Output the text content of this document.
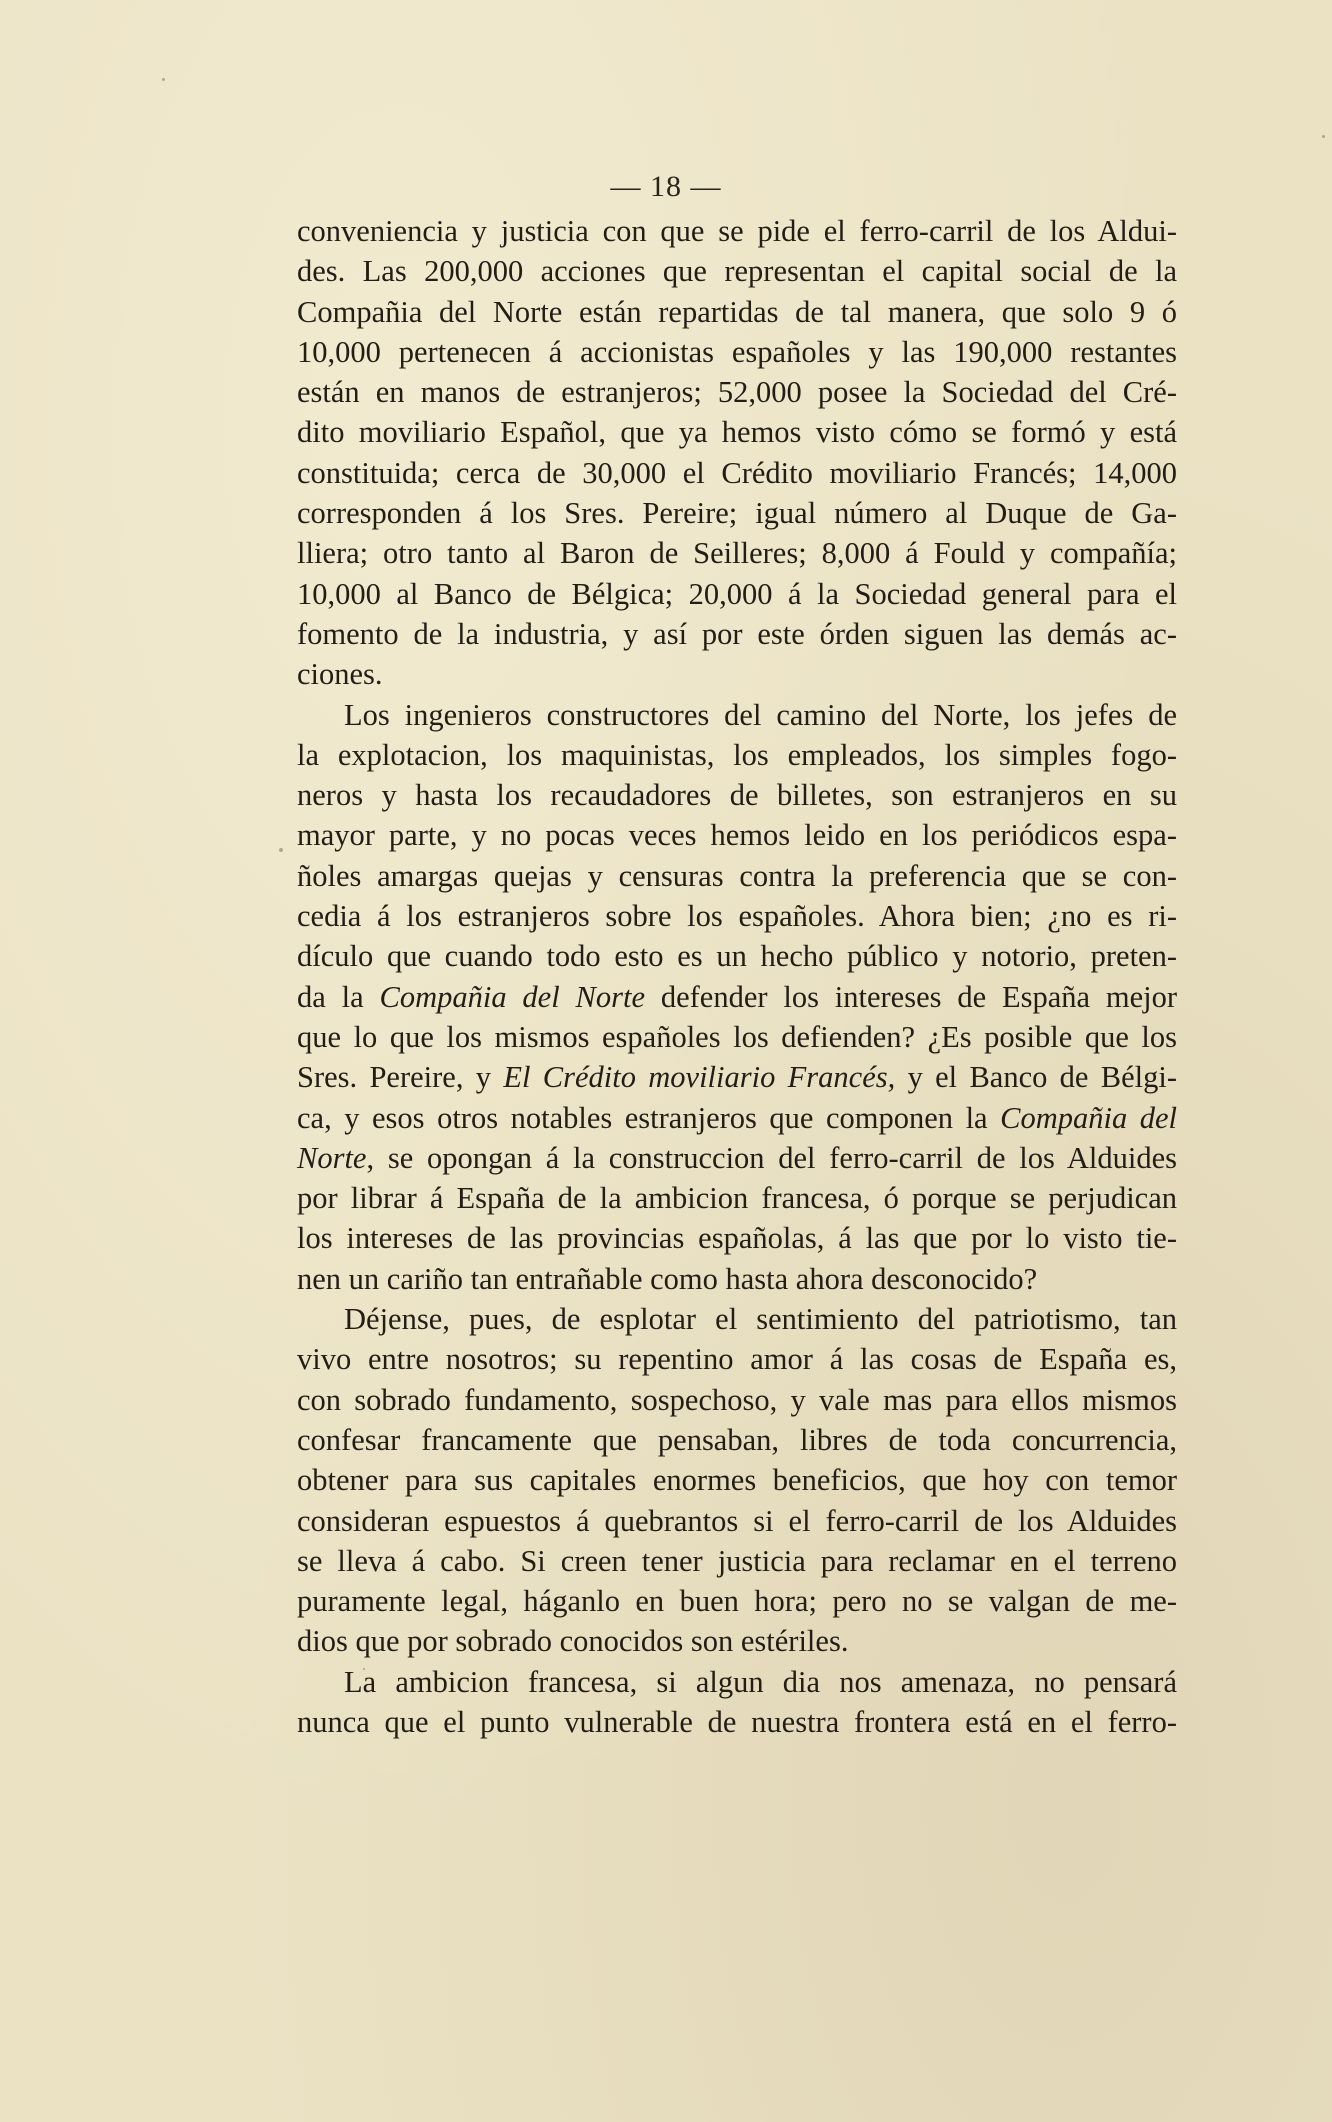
— 18 —
conveniencia y justicia con que se pide el ferro-carril de los Aldui-
des. Las 200,000 acciones que representan el capital social de la
Compañia del Norte están repartidas de tal manera, que solo 9 ó
10,000 pertenecen á accionistas españoles y las 190,000 restantes
están en manos de estranjeros; 52,000 posee la Sociedad del Cré-
dito moviliario Español, que ya hemos visto cómo se formó y está
constituida; cerca de 30,000 el Crédito moviliario Francés; 14,000
corresponden á los Sres. Pereire; igual número al Duque de Ga-
lliera; otro tanto al Baron de Seilleres; 8,000 á Fould y compañía;
10,000 al Banco de Bélgica; 20,000 á la Sociedad general para el
fomento de la industria, y así por este órden siguen las demás ac-
ciones.
Los ingenieros constructores del camino del Norte, los jefes de
la explotacion, los maquinistas, los empleados, los simples fogo-
neros y hasta los recaudadores de billetes, son estranjeros en su
mayor parte, y no pocas veces hemos leido en los periódicos espa-
ñoles amargas quejas y censuras contra la preferencia que se con-
cedia á los estranjeros sobre los españoles. Ahora bien; ¿no es ri-
dículo que cuando todo esto es un hecho público y notorio, preten-
da la Compañia del Norte defender los intereses de España mejor
que lo que los mismos españoles los defienden? ¿Es posible que los
Sres. Pereire, y El Crédito moviliario Francés, y el Banco de Bélgi-
ca, y esos otros notables estranjeros que componen la Compañia del
Norte, se opongan á la construccion del ferro-carril de los Alduides
por librar á España de la ambicion francesa, ó porque se perjudican
los intereses de las provincias españolas, á las que por lo visto tie-
nen un cariño tan entrañable como hasta ahora desconocido?
Déjense, pues, de esplotar el sentimiento del patriotismo, tan
vivo entre nosotros; su repentino amor á las cosas de España es,
con sobrado fundamento, sospechoso, y vale mas para ellos mismos
confesar francamente que pensaban, libres de toda concurrencia,
obtener para sus capitales enormes beneficios, que hoy con temor
consideran espuestos á quebrantos si el ferro-carril de los Alduides
se lleva á cabo. Si creen tener justicia para reclamar en el terreno
puramente legal, háganlo en buen hora; pero no se valgan de me-
dios que por sobrado conocidos son estériles.
La ambicion francesa, si algun dia nos amenaza, no pensará
nunca que el punto vulnerable de nuestra frontera está en el ferro-
